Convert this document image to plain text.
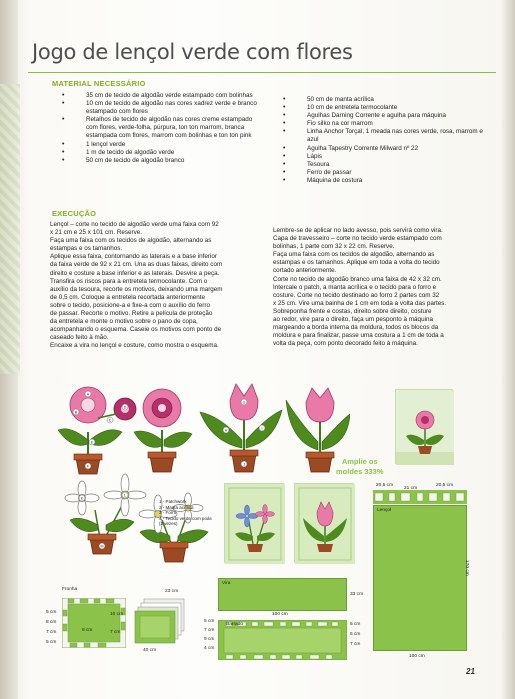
Jogo de lençol verde com flores
MATERIAL NECESSÁRIO
• 35 cm de tecido de algodão verde estampado com bolinhas
• 10 cm de tecido de algodão nas cores xadrez verde e branco estampado com flores
• Retalhos de tecido de algodão nas cores creme estampado com flores, verde-folha, púrpura, ton ton marrom, branca estampada com flores, marrom com bolinhas e ton ton pink
• 1 lençol verde
• 1 m de tecido de algodão verde
• 50 cm de tecido de algodão branco
• 50 cm de manta acrílica
• 10 cm de entretela termocolante
• Agulhas Darning Corrente e agulha para máquina
• Fio silko na cor marrom
• Linha Anchor Torçal, 1 meada nas cores verde, rosa, marrom e azul
• Agulha Tapestry Corrente Milward nº 22
• Lápis
• Tesoura
• Ferro de passar
• Máquina de costura
EXECUÇÃO
Lençol – corte no tecido de algodão verde uma faixa com 92
x 21 cm e 25 x 101 cm. Reserve.
Faça uma faixa com os tecidos de algodão, alternando as
estampas e os tamanhos.
Aplique essa faixa, contornando as laterais e a base inferior
da faixa verde de 92 x 21 cm. Una as duas faixas, direito com
direito e costure a base inferior e as laterais. Desvire a peça.
Transfira os riscos para a entretela termocolante. Com o
auxílio da tesoura, recorte os motivos, deixando uma margem
de 0,5 cm. Coloque a entretela recortada anteriormente
sobre o tecido, posicione-a e fixe-a com o auxílio do ferro
de passar. Recorte o motivo. Retire a película de proteção
da entretela e monte o motivo sobre o pano de copa,
acompanhando o esquema. Caseie os motivos com ponto de
caseado feito à mão.
Encaixe a vira no lençol e costure, como mostra o esquema.
Lembre-se de aplicar no lado avesso, pois servirá como vira.
Capa de travesseiro – corte no tecido verde estampado com
bolinhas, 1 parte com 32 x 22 cm. Reserve.
Faça uma faixa com os tecidos de algodão, alternando as
estampas e os tamanhos. Aplique em toda a volta do tecido
cortado anteriormente.
Corte no tecido de algodão branco uma faixa de 42 x 32 cm.
Intercale o patch, a manta acrílica e o tecido para o forro e
costure. Corte no tecido destinado ao forro 2 partes com 32
x 25 cm. Vire uma bainha de 1 cm em toda a volta das partes.
Sobreponha frente e costas, direito sobre direito, costure
ao redor, vire para o direito, faça um pesponto à máquina
margeando a borda interna da moldura, todos os blocos da
moldura e para finalizar, passe uma costura a 1 cm de toda a
volta da peça, com ponto decorado feito à máquina.
A
B
C
D
E
F
G
H	I
J
K
L
M
1 - Patchwork
2 - Manta acrílica
3 - Forro
4 - Tecido verde com poás
(2 vezes)
Amplie os
moldes 333%
Lençol
20,5 cm
21 cm
20,5 cm
170 cm
100 cm
Vira
33 cm
100 cm
Barrado
5 cm
7 cm
9 cm
4 cm
5 cm
6 cm
7 cm
Fronha
8 cm
5 cm
8 cm
7 cm
5 cm
10 cm
7 cm
23 cm
40 cm
21
